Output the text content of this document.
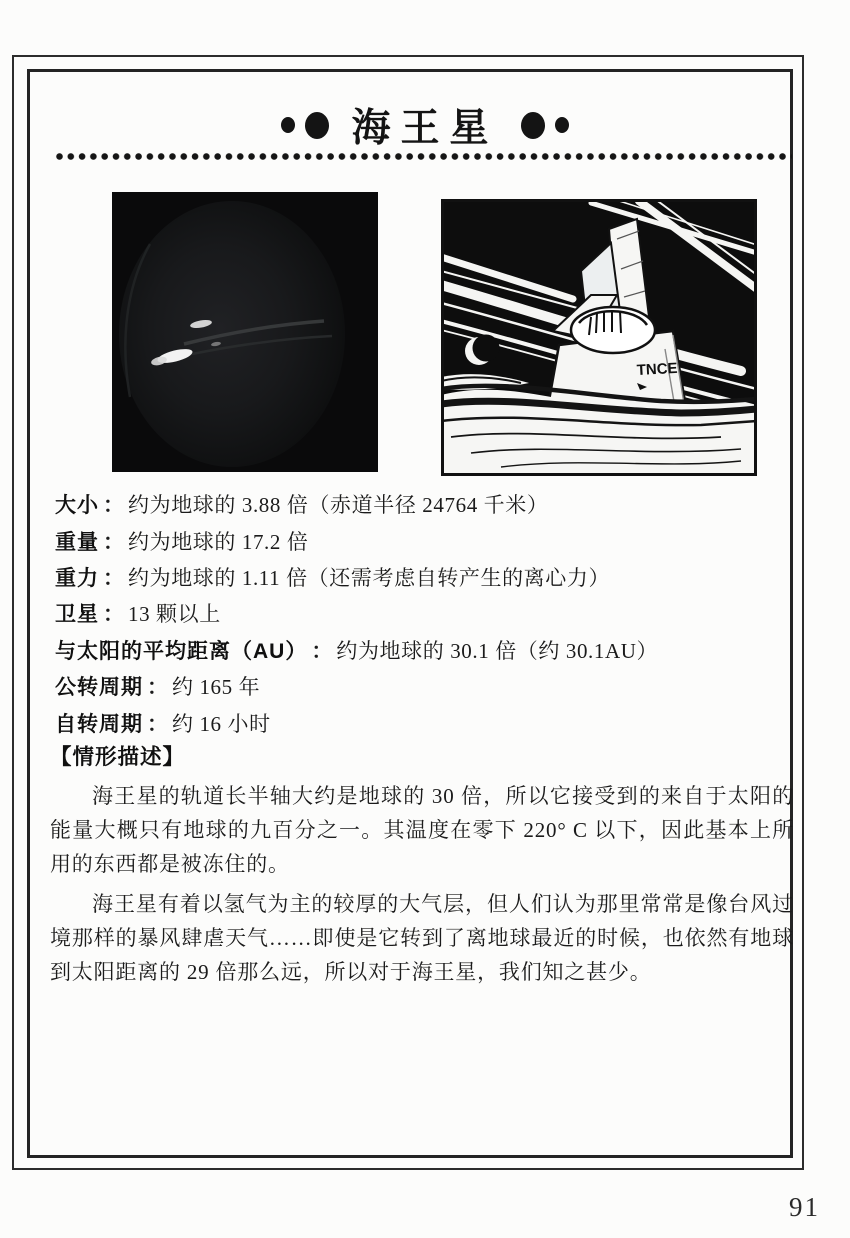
海王星
TNCE
大小 ： 约为地球的 3.88 倍（赤道半径 24764 千米）
重量 ： 约为地球的 17.2 倍
重力 ： 约为地球的 1.11 倍（还需考虑自转产生的离心力）
卫星 ： 13 颗以上
与太阳的平均距离（AU） ： 约为地球的 30.1 倍（约 30.1AU）
公转周期 ： 约 165 年
自转周期 ： 约 16 小时
【情形描述】

海王星的轨道长半轴大约是地球的 30 倍，所以它接受到的来自于太阳的能量大概只有地球的九百分之一。其温度在零下 220° C 以下，因此基本上所用的东西都是被冻住的。

海王星有着以氢气为主的较厚的大气层，但人们认为那里常常是像台风过境那样的暴风肆虐天气……即使是它转到了离地球最近的时候，也依然有地球到太阳距离的 29 倍那么远，所以对于海王星，我们知之甚少。

91
